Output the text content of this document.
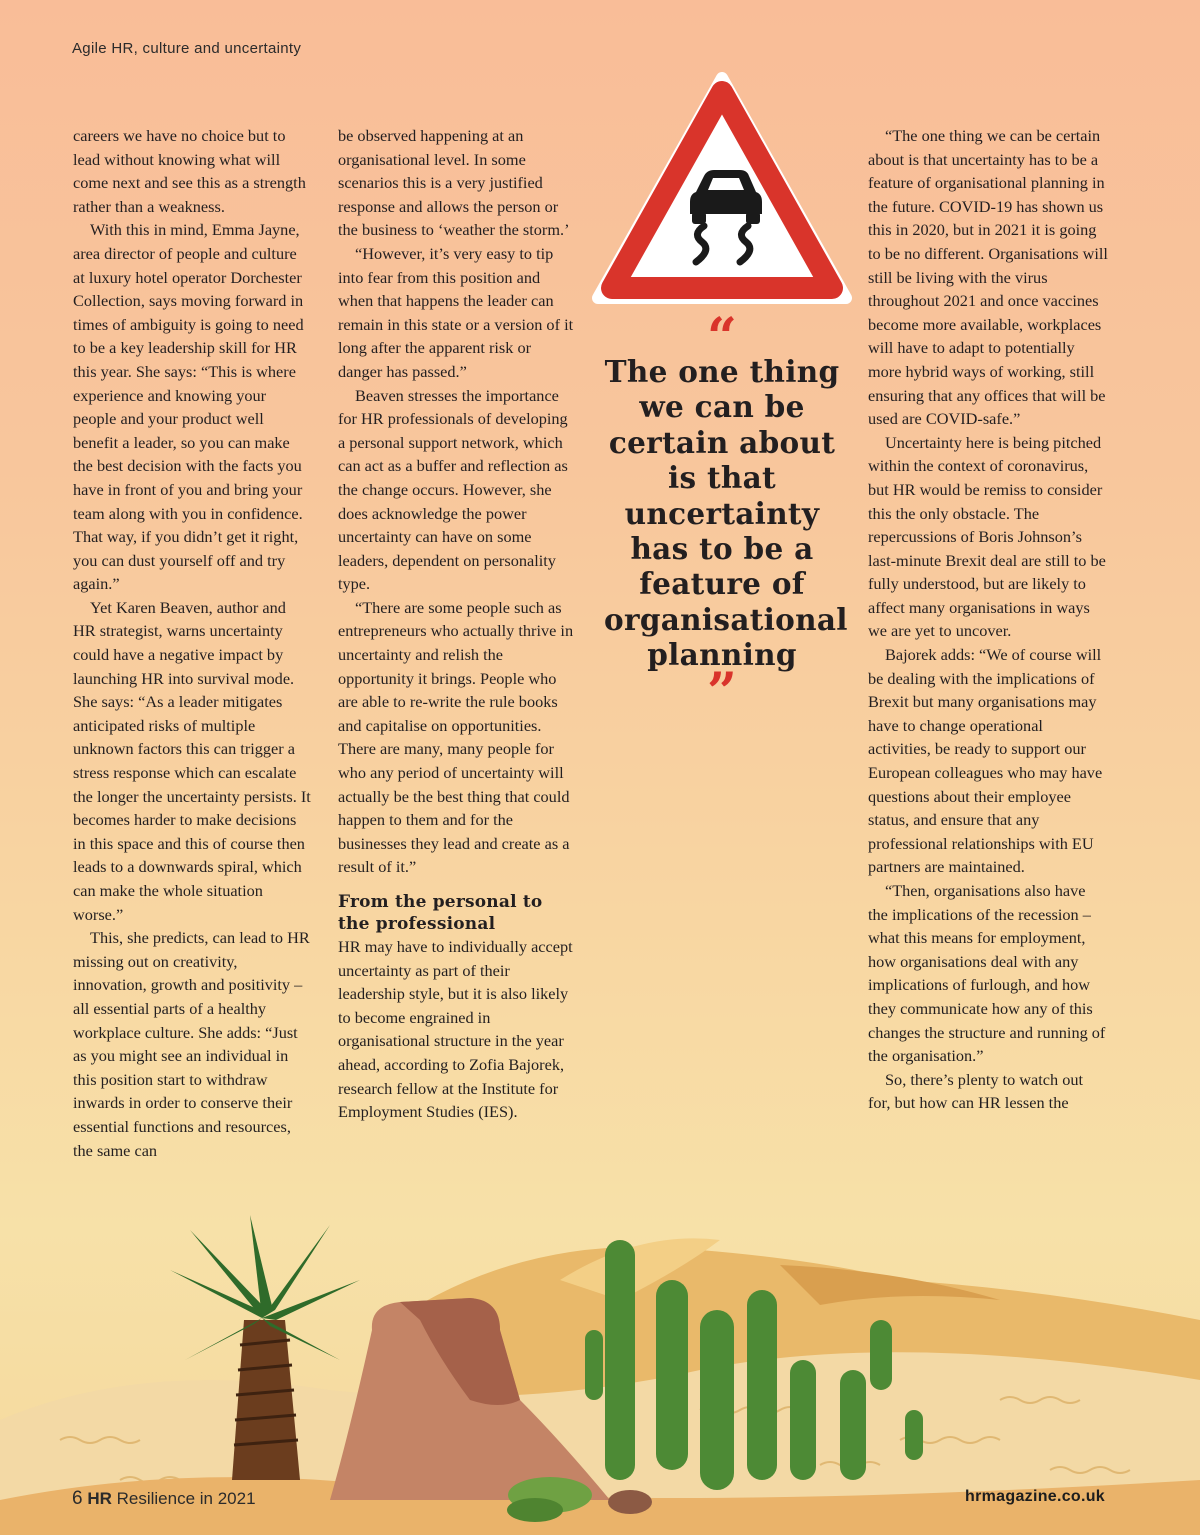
Agile HR, culture and uncertainty

careers we have no choice but to lead without knowing what will come next and see this as a strength rather than a weakness.

With this in mind, Emma Jayne, area director of people and culture at luxury hotel operator Dorchester Collection, says moving forward in times of ambiguity is going to need to be a key leadership skill for HR this year. She says: “This is where experience and knowing your people and your product well benefit a leader, so you can make the best decision with the facts you have in front of you and bring your team along with you in confidence. That way, if you didn’t get it right, you can dust yourself off and try again.”

Yet Karen Beaven, author and HR strategist, warns uncertainty could have a negative impact by launching HR into survival mode. She says: “As a leader mitigates anticipated risks of multiple unknown factors this can trigger a stress response which can escalate the longer the uncertainty persists. It becomes harder to make decisions in this space and this of course then leads to a downwards spiral, which can make the whole situation worse.”

This, she predicts, can lead to HR missing out on creativity, innovation, growth and positivity – all essential parts of a healthy workplace culture. She adds: “Just as you might see an individual in this position start to withdraw inwards in order to conserve their essential functions and resources, the same can

be observed happening at an organisational level. In some scenarios this is a very justified response and allows the person or the business to ‘weather the storm.’

“However, it’s very easy to tip into fear from this position and when that happens the leader can remain in this state or a version of it long after the apparent risk or danger has passed.”

Beaven stresses the importance for HR professionals of developing a personal support network, which can act as a buffer and reflection as the change occurs. However, she does acknowledge the power uncertainty can have on some leaders, dependent on personality type.

“There are some people such as entrepreneurs who actually thrive in uncertainty and relish the opportunity it brings. People who are able to re-write the rule books and capitalise on opportunities. There are many, many people for who any period of uncertainty will actually be the best thing that could happen to them and for the businesses they lead and create as a result of it.”

From the personal to the professional

HR may have to individually accept uncertainty as part of their leadership style, but it is also likely to become engrained in organisational structure in the year ahead, according to Zofia Bajorek, research fellow at the Institute for Employment Studies (IES).

“
The one thing we can be certain about is that uncertainty has to be a feature of organisational planning
”

“The one thing we can be certain about is that uncertainty has to be a feature of organisational planning in the future. COVID-19 has shown us this in 2020, but in 2021 it is going to be no different. Organisations will still be living with the virus throughout 2021 and once vaccines become more available, workplaces will have to adapt to potentially more hybrid ways of working, still ensuring that any offices that will be used are COVID-safe.”

Uncertainty here is being pitched within the context of coronavirus, but HR would be remiss to consider this the only obstacle. The repercussions of Boris Johnson’s last-minute Brexit deal are still to be fully understood, but are likely to affect many organisations in ways we are yet to uncover.

Bajorek adds: “We of course will be dealing with the implications of Brexit but many organisations may have to change operational activities, be ready to support our European colleagues who may have questions about their employee status, and ensure that any professional relationships with EU partners are maintained.

“Then, organisations also have the implications of the recession – what this means for employment, how organisations deal with any implications of furlough, and how they communicate how any of this changes the structure and running of the organisation.”

So, there’s plenty to watch out for, but how can HR lessen the

6 HR Resilience in 2021	hrmagazine.co.uk
